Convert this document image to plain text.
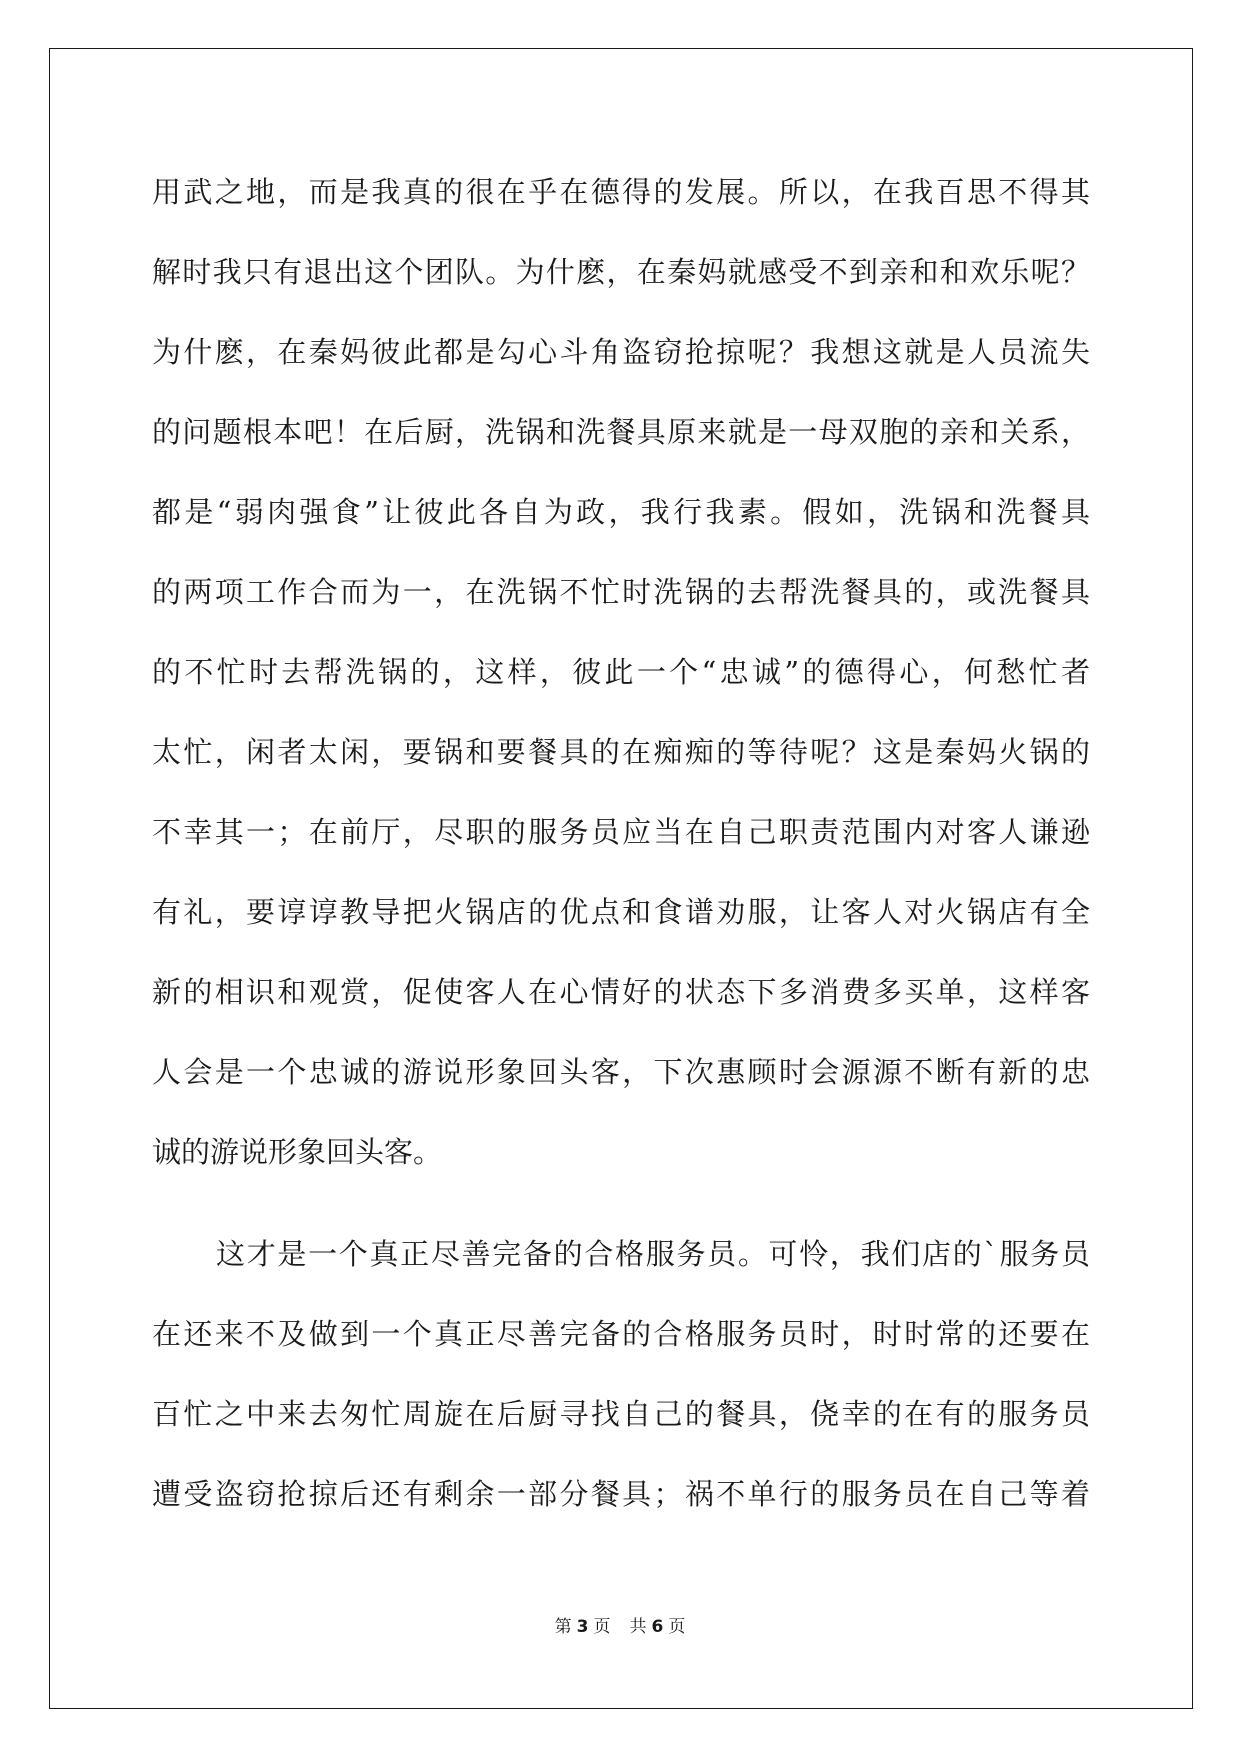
用武之地，而是我真的很在乎在德得的发展。所以，在我百思不得其
解时我只有退出这个团队。为什麽，在秦妈就感受不到亲和和欢乐呢？
为什麽，在秦妈彼此都是勾心斗角盗窃抢掠呢？我想这就是人员流失
的问题根本吧！在后厨，洗锅和洗餐具原来就是一母双胞的亲和关系，
都是“弱肉强食”让彼此各自为政，我行我素。假如，洗锅和洗餐具
的两项工作合而为一，在洗锅不忙时洗锅的去帮洗餐具的，或洗餐具
的不忙时去帮洗锅的，这样，彼此一个“忠诚”的德得心，何愁忙者
太忙，闲者太闲，要锅和要餐具的在痴痴的等待呢？这是秦妈火锅的
不幸其一；在前厅，尽职的服务员应当在自己职责范围内对客人谦逊
有礼，要谆谆教导把火锅店的优点和食谱劝服，让客人对火锅店有全
新的相识和观赏，促使客人在心情好的状态下多消费多买单，这样客
人会是一个忠诚的游说形象回头客，下次惠顾时会源源不断有新的忠
诚的游说形象回头客。
这才是一个真正尽善完备的合格服务员。可怜，我们店的`服务员
在还来不及做到一个真正尽善完备的合格服务员时，时时常的还要在
百忙之中来去匆忙周旋在后厨寻找自己的餐具，侥幸的在有的服务员
遭受盗窃抢掠后还有剩余一部分餐具；祸不单行的服务员在自己等着
第 3 页 共 6 页
